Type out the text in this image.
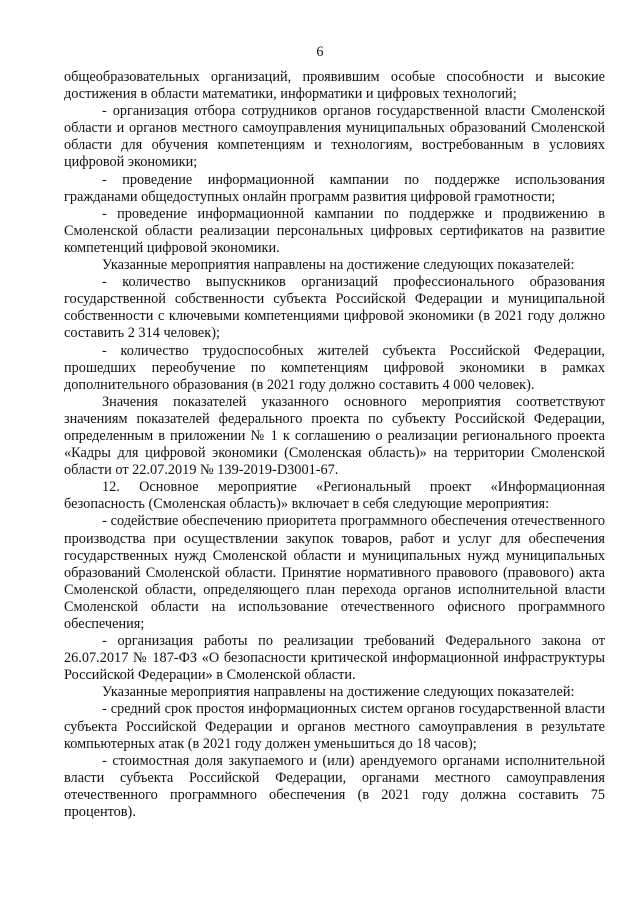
6

общеобразовательных организаций, проявившим особые способности и высокие достижения в области математики, информатики и цифровых технологий;

- организация отбора сотрудников органов государственной власти Смоленской области и органов местного самоуправления муниципальных образований Смоленской области для обучения компетенциям и технологиям, востребованным в условиях цифровой экономики;

- проведение информационной кампании по поддержке использования гражданами общедоступных онлайн программ развития цифровой грамотности;

- проведение информационной кампании по поддержке и продвижению в Смоленской области реализации персональных цифровых сертификатов на развитие компетенций цифровой экономики.

Указанные мероприятия направлены на достижение следующих показателей:

- количество выпускников организаций профессионального образования государственной собственности субъекта Российской Федерации и муниципальной собственности с ключевыми компетенциями цифровой экономики (в 2021 году должно составить 2 314 человек);

- количество трудоспособных жителей субъекта Российской Федерации, прошедших переобучение по компетенциям цифровой экономики в рамках дополнительного образования (в 2021 году должно составить 4 000 человек).

Значения показателей указанного основного мероприятия соответствуют значениям показателей федерального проекта по субъекту Российской Федерации, определенным в приложении № 1 к соглашению о реализации регионального проекта «Кадры для цифровой экономики (Смоленская область)» на территории Смоленской области от 22.07.2019 № 139-2019-D3001-67.

12. Основное мероприятие «Региональный проект «Информационная безопасность (Смоленская область)» включает в себя следующие мероприятия:

- содействие обеспечению приоритета программного обеспечения отечественного производства при осуществлении закупок товаров, работ и услуг для обеспечения государственных нужд Смоленской области и муниципальных нужд муниципальных образований Смоленской области. Принятие нормативного правового (правового) акта Смоленской области, определяющего план перехода органов исполнительной власти Смоленской области на использование отечественного офисного программного обеспечения;

- организация работы по реализации требований Федерального закона от 26.07.2017 № 187-ФЗ «О безопасности критической информационной инфраструктуры Российской Федерации» в Смоленской области.

Указанные мероприятия направлены на достижение следующих показателей:

- средний срок простоя информационных систем органов государственной власти субъекта Российской Федерации и органов местного самоуправления в результате компьютерных атак (в 2021 году должен уменьшиться до 18 часов);

- стоимостная доля закупаемого и (или) арендуемого органами исполнительной власти субъекта Российской Федерации, органами местного самоуправления отечественного программного обеспечения (в 2021 году должна составить 75 процентов).
